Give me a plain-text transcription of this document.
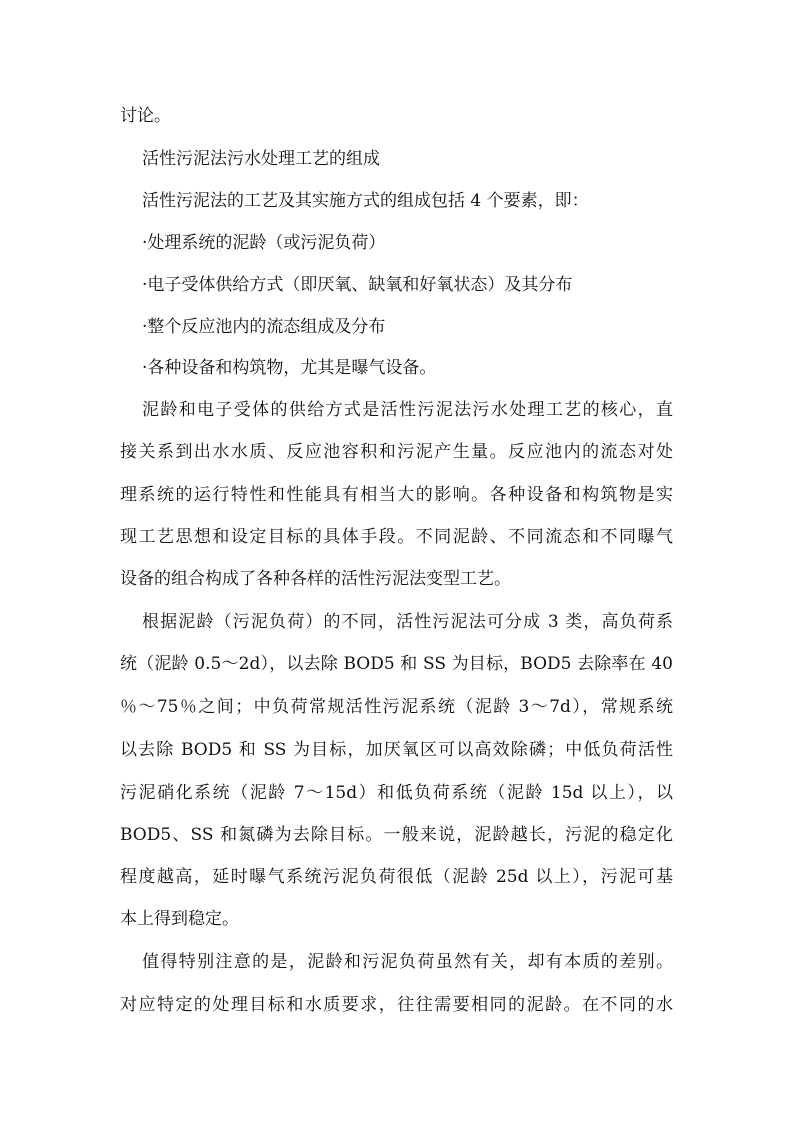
讨论。
活性污泥法污水处理工艺的组成
活性污泥法的工艺及其实施方式的组成包括 4 个要素，即：
·处理系统的泥龄（或污泥负荷）
·电子受体供给方式（即厌氧、缺氧和好氧状态）及其分布
·整个反应池内的流态组成及分布
·各种设备和构筑物，尤其是曝气设备。
泥龄和电子受体的供给方式是活性污泥法污水处理工艺的核心，直
接关系到出水水质、反应池容积和污泥产生量。反应池内的流态对处
理系统的运行特性和性能具有相当大的影响。各种设备和构筑物是实
现工艺思想和设定目标的具体手段。不同泥龄、不同流态和不同曝气
设备的组合构成了各种各样的活性污泥法变型工艺。
根据泥龄（污泥负荷）的不同，活性污泥法可分成 3 类，高负荷系
统（泥龄 0.5～2d），以去除 BOD5 和 SS 为目标，BOD5 去除率在 40
％～75％之间；中负荷常规活性污泥系统（泥龄 3～7d），常规系统
以去除 BOD5 和 SS 为目标，加厌氧区可以高效除磷；中低负荷活性
污泥硝化系统（泥龄 7～15d）和低负荷系统（泥龄 15d 以上），以
BOD5、SS 和氮磷为去除目标。一般来说，泥龄越长，污泥的稳定化
程度越高，延时曝气系统污泥负荷很低（泥龄 25d 以上），污泥可基
本上得到稳定。
值得特别注意的是，泥龄和污泥负荷虽然有关，却有本质的差别。
对应特定的处理目标和水质要求，往往需要相同的泥龄。在不同的水
